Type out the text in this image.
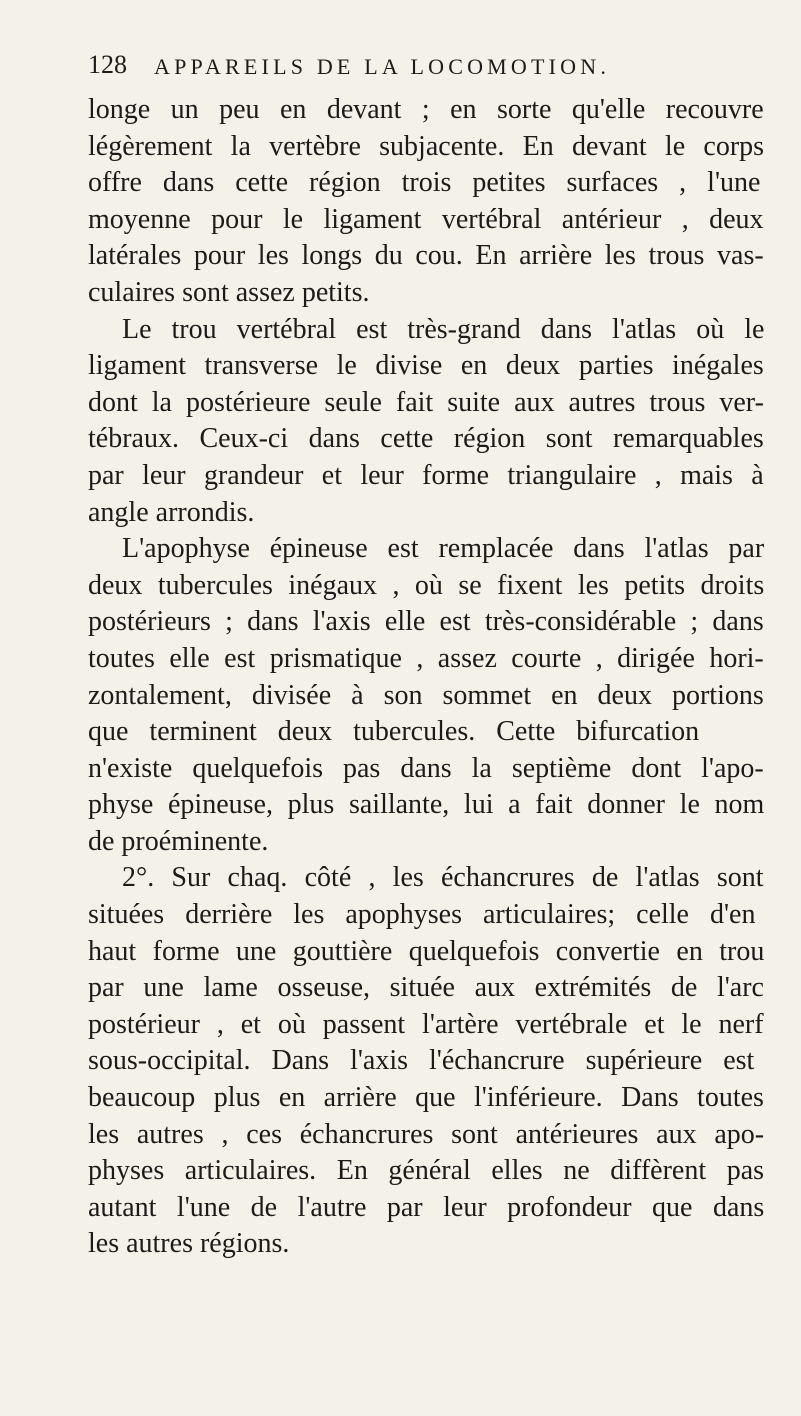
128 APPAREILS DE LA LOCOMOTION.
longe un peu en devant ; en sorte qu'elle recouvre
légèrement la vertèbre subjacente. En devant le corps
offre dans cette région trois petites surfaces , l'une
moyenne pour le ligament vertébral antérieur , deux
latérales pour les longs du cou. En arrière les trous vas-
culaires sont assez petits.
Le trou vertébral est très-grand dans l'atlas où le
ligament transverse le divise en deux parties inégales
dont la postérieure seule fait suite aux autres trous ver-
tébraux. Ceux-ci dans cette région sont remarquables
par leur grandeur et leur forme triangulaire , mais à
angle arrondis.
L'apophyse épineuse est remplacée dans l'atlas par
deux tubercules inégaux , où se fixent les petits droits
postérieurs ; dans l'axis elle est très-considérable ; dans
toutes elle est prismatique , assez courte , dirigée hori-
zontalement, divisée à son sommet en deux portions
que terminent deux tubercules. Cette bifurcation
n'existe quelquefois pas dans la septième dont l'apo-
physe épineuse, plus saillante, lui a fait donner le nom
de proéminente.
2°. Sur chaq. côté , les échancrures de l'atlas sont
situées derrière les apophyses articulaires; celle d'en
haut forme une gouttière quelquefois convertie en trou
par une lame osseuse, située aux extrémités de l'arc
postérieur , et où passent l'artère vertébrale et le nerf
sous-occipital. Dans l'axis l'échancrure supérieure est
beaucoup plus en arrière que l'inférieure. Dans toutes
les autres , ces échancrures sont antérieures aux apo-
physes articulaires. En général elles ne diffèrent pas
autant l'une de l'autre par leur profondeur que dans
les autres régions.
